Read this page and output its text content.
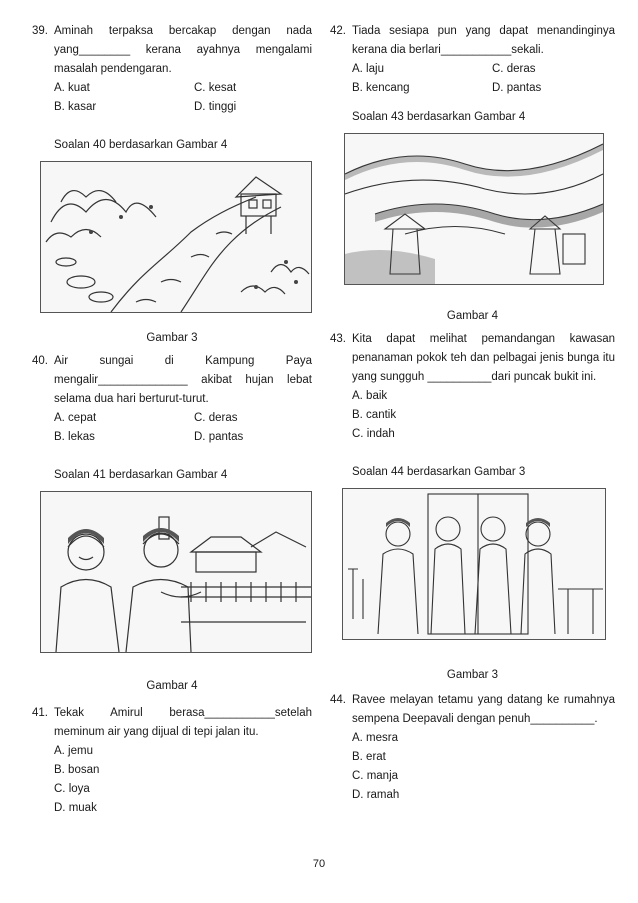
39. Aminah terpaksa bercakap dengan nada yang________ kerana ayahnya mengalami masalah pendengaran.
A. kuat	C. kesat
B. kasar	D. tinggi
Soalan 40 berdasarkan Gambar 4
Gambar 3
40. Air sungai di Kampung Paya mengalir______________ akibat hujan lebat selama dua hari berturut-turut.
A. cepat	C. deras
B. lekas	D. pantas
Soalan 41 berdasarkan Gambar 4
Gambar 4
41. Tekak Amirul berasa___________setelah meminum air yang dijual di tepi jalan itu.
A. jemu
B. bosan
C. loya
D. muak
42. Tiada sesiapa pun yang dapat menandinginya kerana dia berlari___________sekali.
A. laju	C. deras
B. kencang	D. pantas
Soalan 43 berdasarkan Gambar 4
Gambar 4
43. Kita dapat melihat pemandangan kawasan penanaman pokok teh dan pelbagai jenis bunga itu yang sungguh __________dari puncak bukit ini.
A. baik
B. cantik
C. indah
Soalan 44 berdasarkan Gambar 3
Gambar 3
44. Ravee melayan tetamu yang datang ke rumahnya sempena Deepavali dengan penuh__________.
A. mesra
B. erat
C. manja
D. ramah
70
